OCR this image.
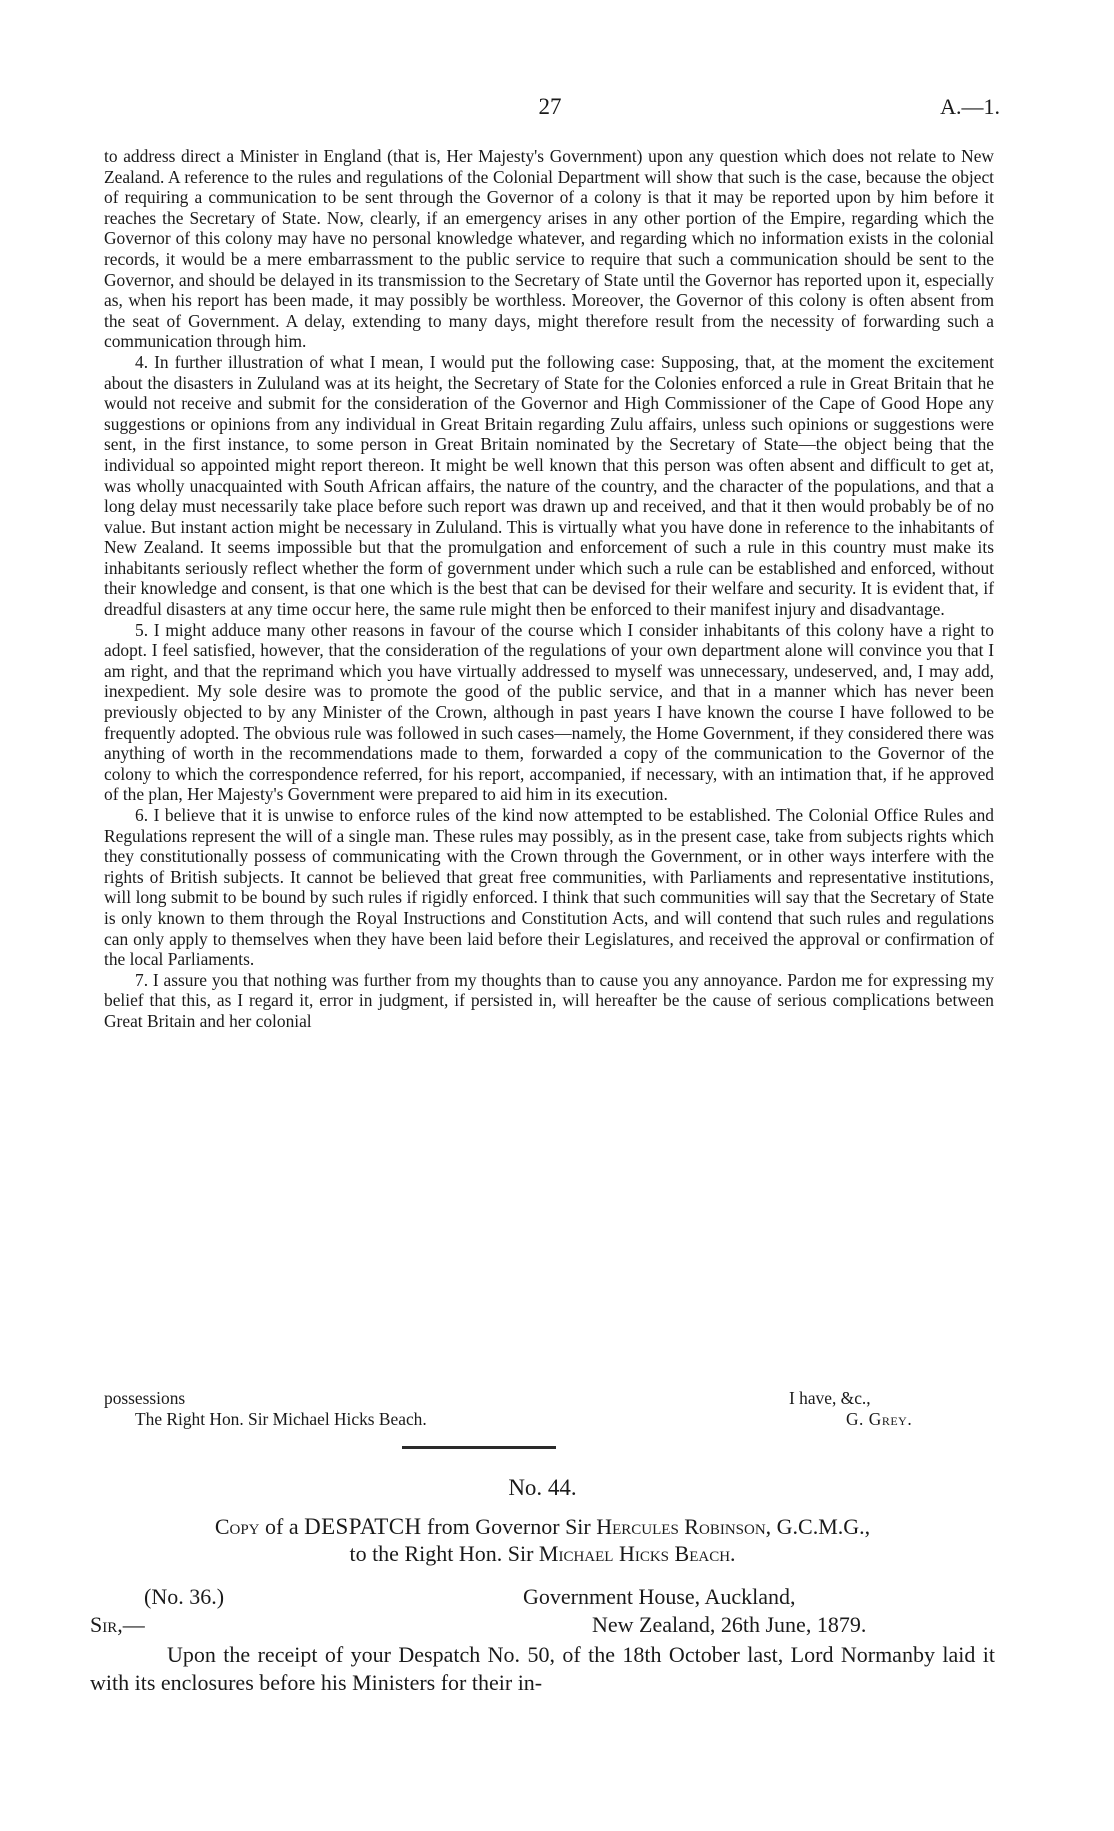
27	A.—1.

to address direct a Minister in England (that is, Her Majesty's Government) upon any question which does not relate to New Zealand. A reference to the rules and regulations of the Colonial Department will show that such is the case, because the object of requiring a communication to be sent through the Governor of a colony is that it may be reported upon by him before it reaches the Secretary of State. Now, clearly, if an emergency arises in any other portion of the Empire, regarding which the Governor of this colony may have no personal knowledge whatever, and regarding which no information exists in the colonial records, it would be a mere embarrassment to the public service to require that such a communication should be sent to the Governor, and should be delayed in its transmission to the Secretary of State until the Governor has reported upon it, especially as, when his report has been made, it may possibly be worthless. Moreover, the Governor of this colony is often absent from the seat of Government. A delay, extending to many days, might therefore result from the necessity of forwarding such a communication through him.

4. In further illustration of what I mean, I would put the following case: Supposing, that, at the moment the excitement about the disasters in Zululand was at its height, the Secretary of State for the Colonies enforced a rule in Great Britain that he would not receive and submit for the consideration of the Governor and High Commissioner of the Cape of Good Hope any suggestions or opinions from any individual in Great Britain regarding Zulu affairs, unless such opinions or suggestions were sent, in the first instance, to some person in Great Britain nominated by the Secretary of State—the object being that the individual so appointed might report thereon. It might be well known that this person was often absent and difficult to get at, was wholly unacquainted with South African affairs, the nature of the country, and the character of the populations, and that a long delay must necessarily take place before such report was drawn up and received, and that it then would probably be of no value. But instant action might be necessary in Zululand. This is virtually what you have done in reference to the inhabitants of New Zealand. It seems impossible but that the promulgation and enforcement of such a rule in this country must make its inhabitants seriously reflect whether the form of government under which such a rule can be established and enforced, without their knowledge and consent, is that one which is the best that can be devised for their welfare and security. It is evident that, if dreadful disasters at any time occur here, the same rule might then be enforced to their manifest injury and disadvantage.

5. I might adduce many other reasons in favour of the course which I consider inhabitants of this colony have a right to adopt. I feel satisfied, however, that the consideration of the regulations of your own department alone will convince you that I am right, and that the reprimand which you have virtually addressed to myself was unnecessary, undeserved, and, I may add, inexpedient. My sole desire was to promote the good of the public service, and that in a manner which has never been previously objected to by any Minister of the Crown, although in past years I have known the course I have followed to be frequently adopted. The obvious rule was followed in such cases—namely, the Home Government, if they considered there was anything of worth in the recommendations made to them, forwarded a copy of the communication to the Governor of the colony to which the correspondence referred, for his report, accompanied, if necessary, with an intimation that, if he approved of the plan, Her Majesty's Government were prepared to aid him in its execution.

6. I believe that it is unwise to enforce rules of the kind now attempted to be established. The Colonial Office Rules and Regulations represent the will of a single man. These rules may possibly, as in the present case, take from subjects rights which they constitutionally possess of communicating with the Crown through the Government, or in other ways interfere with the rights of British subjects. It cannot be believed that great free communities, with Parliaments and representative institutions, will long submit to be bound by such rules if rigidly enforced. I think that such communities will say that the Secretary of State is only known to them through the Royal Instructions and Constitution Acts, and will contend that such rules and regulations can only apply to themselves when they have been laid before their Legislatures, and received the approval or confirmation of the local Parliaments.

7. I assure you that nothing was further from my thoughts than to cause you any annoyance. Pardon me for expressing my belief that this, as I regard it, error in judgment, if persisted in, will hereafter be the cause of serious complications between Great Britain and her colonial

possessions	I have, &c.,
The Right Hon. Sir Michael Hicks Beach.	G. Grey.
No. 44.
Copy of a DESPATCH from Governor Sir Hercules Robinson, G.C.M.G.,
to the Right Hon. Sir Michael Hicks Beach.
(No. 36.)	Government House, Auckland,
Sir,—	New Zealand, 26th June, 1879.

Upon the receipt of your Despatch No. 50, of the 18th October last, Lord Normanby laid it with its enclosures before his Ministers for their in-
